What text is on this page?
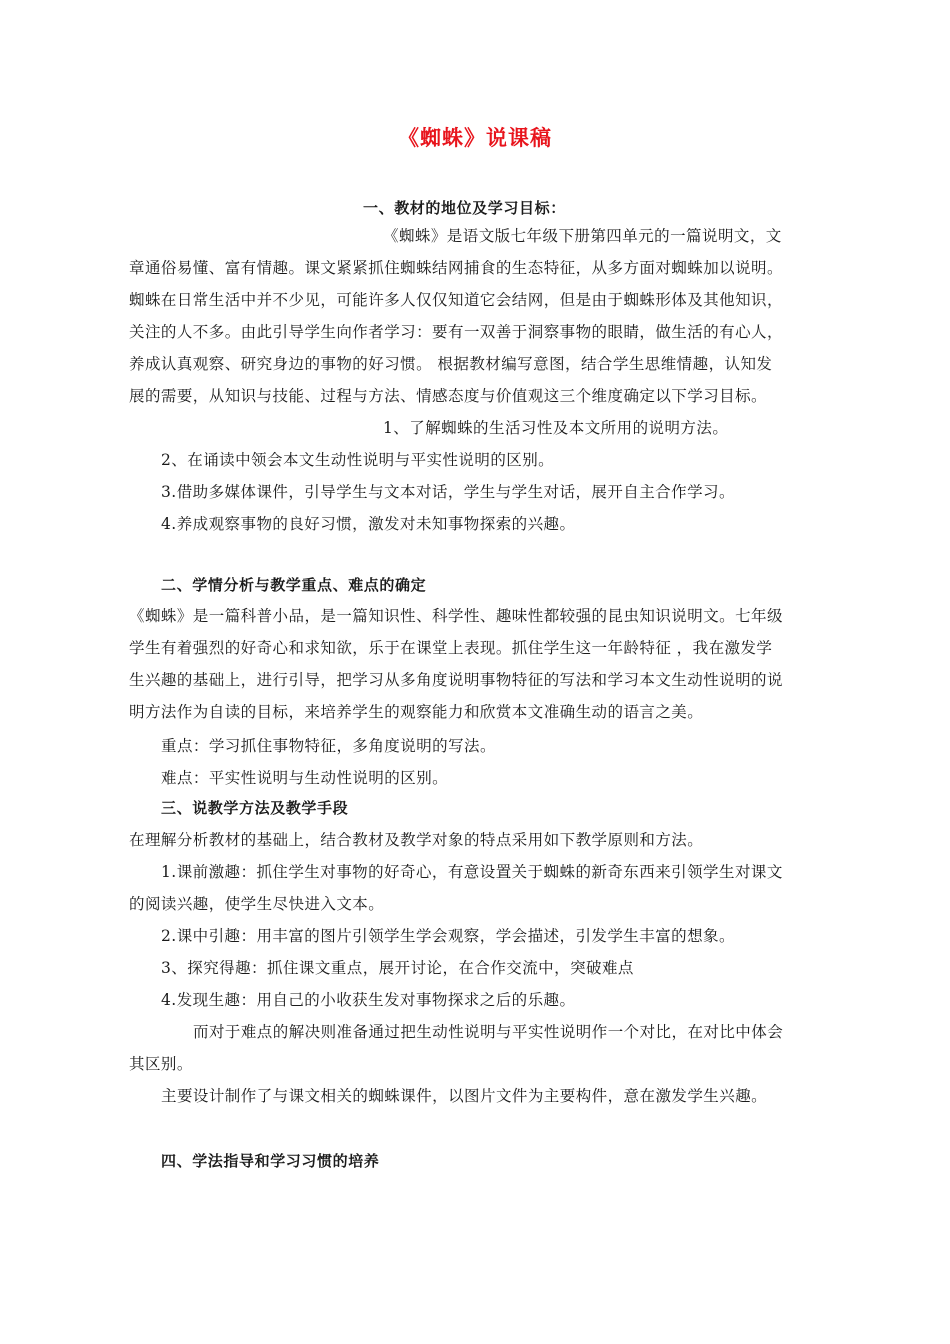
《蜘蛛》说课稿
一、教材的地位及学习目标：
《蜘蛛》是语文版七年级下册第四单元的一篇说明文，文
章通俗易懂、富有情趣。课文紧紧抓住蜘蛛结网捕食的生态特征，从多方面对蜘蛛加以说明。
蜘蛛在日常生活中并不少见，可能许多人仅仅知道它会结网，但是由于蜘蛛形体及其他知识，
关注的人不多。由此引导学生向作者学习：要有一双善于洞察事物的眼睛，做生活的有心人，
养成认真观察、研究身边的事物的好习惯。 根据教材编写意图，结合学生思维情趣，认知发
展的需要，从知识与技能、过程与方法、情感态度与价值观这三个维度确定以下学习目标。
1、了解蜘蛛的生活习性及本文所用的说明方法。
2、在诵读中领会本文生动性说明与平实性说明的区别。
3.借助多媒体课件，引导学生与文本对话，学生与学生对话，展开自主合作学习。
4.养成观察事物的良好习惯，激发对未知事物探索的兴趣。
二、学情分析与教学重点、难点的确定
《蜘蛛》是一篇科普小品，是一篇知识性、科学性、趣味性都较强的昆虫知识说明文。七年级
学生有着强烈的好奇心和求知欲，乐于在课堂上表现。抓住学生这一年龄特征 ，我在激发学
生兴趣的基础上，进行引导，把学习从多角度说明事物特征的写法和学习本文生动性说明的说
明方法作为自读的目标，来培养学生的观察能力和欣赏本文准确生动的语言之美。
重点：学习抓住事物特征，多角度说明的写法。
难点：平实性说明与生动性说明的区别。
三、说教学方法及教学手段
在理解分析教材的基础上，结合教材及教学对象的特点采用如下教学原则和方法。
1.课前激趣：抓住学生对事物的好奇心，有意设置关于蜘蛛的新奇东西来引领学生对课文
的阅读兴趣，使学生尽快进入文本。
2.课中引趣：用丰富的图片引领学生学会观察，学会描述，引发学生丰富的想象。
3、探究得趣：抓住课文重点，展开讨论，在合作交流中，突破难点
4.发现生趣：用自己的小收获生发对事物探求之后的乐趣。
而对于难点的解决则准备通过把生动性说明与平实性说明作一个对比，在对比中体会
其区别。
主要设计制作了与课文相关的蜘蛛课件，以图片文件为主要构件，意在激发学生兴趣。
四、学法指导和学习习惯的培养
